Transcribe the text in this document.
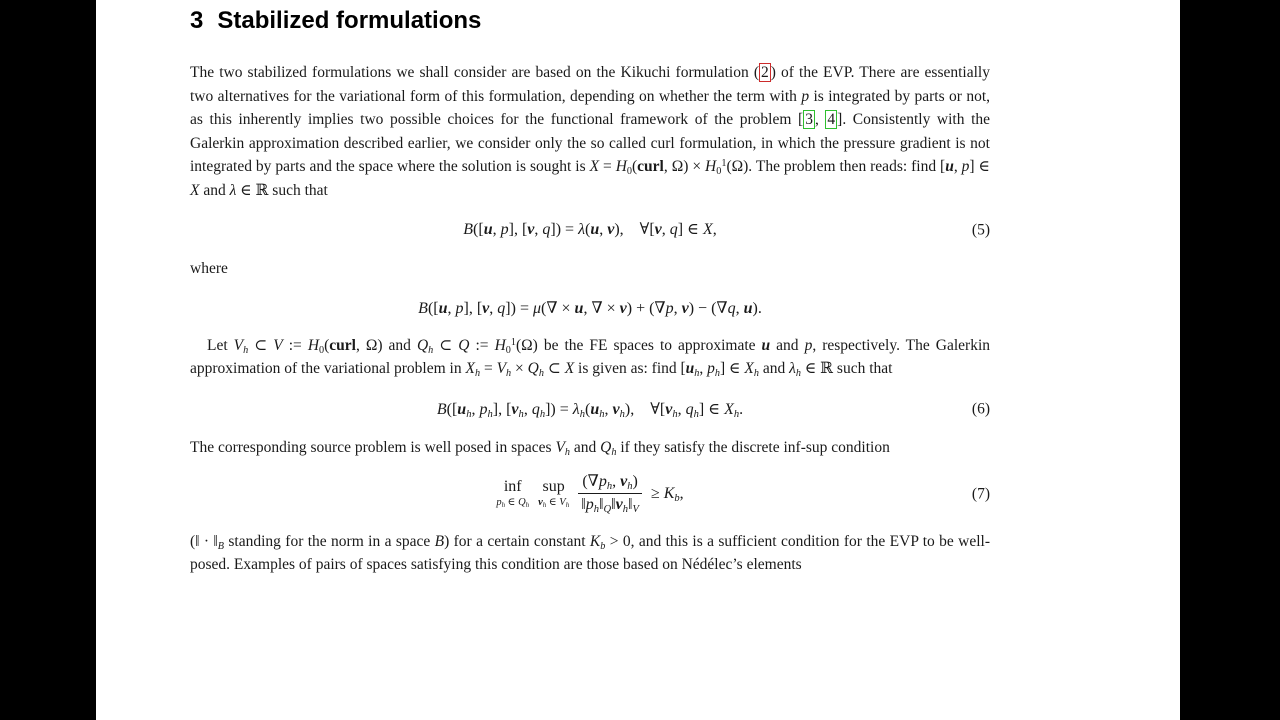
3 Stabilized formulations

The two stabilized formulations we shall consider are based on the Kikuchi formulation ( 2 ) of the EVP. There are essentially two alternatives for the variational form of this formulation, depending on whether the term with p is integrated by parts or not, as this inherently implies two possible choices for the functional framework of the problem [ 3 , 4 ]. Consistently with the Galerkin approximation described earlier, we consider only the so called curl formulation, in which the pressure gradient is not integrated by parts and the space where the solution is sought is X = H0(curl, $\Omega) \times H0^1(\Omega)$. The problem then reads: find [u, p] ∈ X and λ ∈ ℝ such that

B([u, p], [v, q]) = λ(u, v), ∀[v, q] ∈ X,	(5)

where

B([u, p], [v, q]) = μ(∇ × u, ∇ × v) + (∇p, v) − (∇q, u).

Let Vh ⊂ V := H0(curl, Ω) and Qh ⊂ Q := $H0^1(\Omega)$ be the FE spaces to approximate u and p, respectively. The Galerkin approximation of the variational problem in Xh = Vh × Qh ⊂ X is given as: find [uh, ph] ∈ Xh and λh ∈ ℝ such that

B([uh, ph], [vh, qh]) = λh(uh, vh), ∀[vh, qh] ∈ Xh.	(6)

The corresponding source problem is well posed in spaces Vh and Qh if they satisfy the discrete inf-sup condition

inf
ph ∈ Qh
sup
vh ∈ Vh $\frac{(\nabla ph, vh)}{‖ph‖Q‖vh‖V} \ge Kb$,	(7)

(‖ · ‖B standing for the norm in a space B) for a certain constant Kb > 0, and this is a sufficient condition for the EVP to be well-posed. Examples of pairs of spaces satisfying this condition are those based on Nédélec’s elements
